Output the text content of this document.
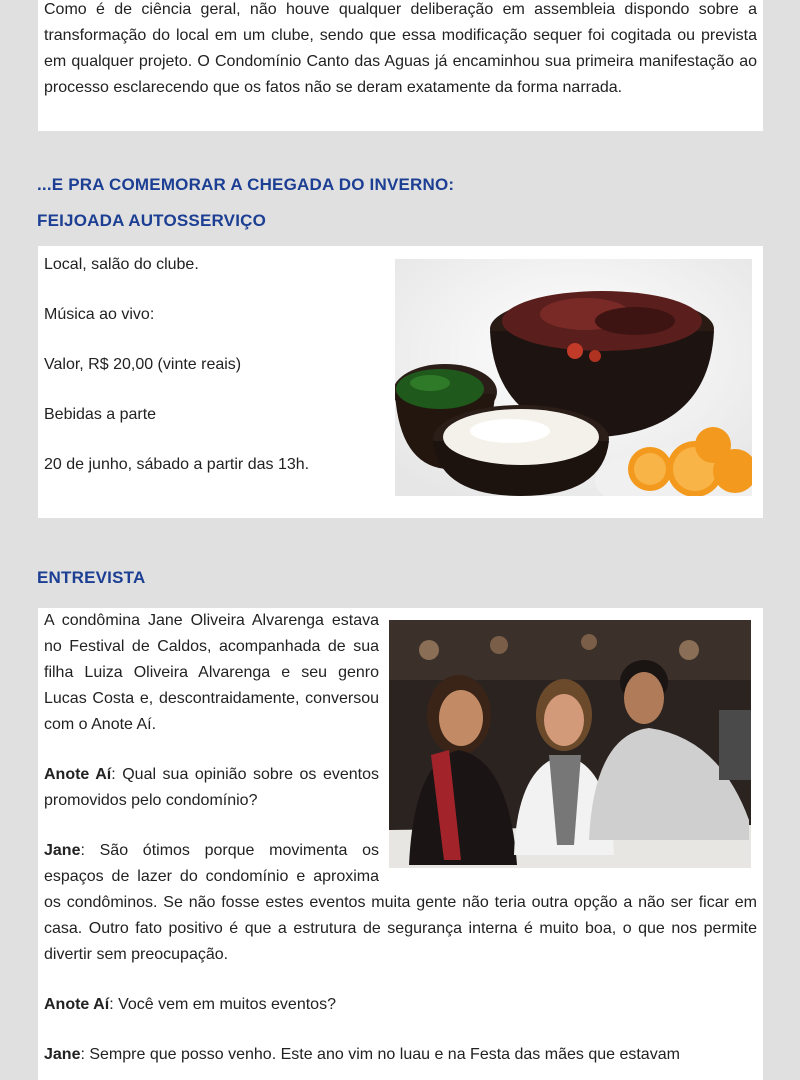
Como é de ciência geral, não houve qualquer deliberação em assembleia dispondo sobre a transformação do local em um clube, sendo que essa modificação sequer foi cogitada ou prevista em qualquer projeto. O Condomínio Canto das Aguas já encaminhou sua primeira manifestação ao processo esclarecendo que os fatos não se deram exatamente da forma narrada.

...E PRA COMEMORAR A CHEGADA DO INVERNO:
FEIJOADA AUTOSSERVIÇO

Local, salão do clube.

Música ao vivo:

Valor, R$ 20,00 (vinte reais)

Bebidas a parte

20 de junho, sábado a partir das 13h.

ENTREVISTA

A condômina Jane Oliveira Alvarenga estava no Festival de Caldos, acompanhada de sua filha Luiza Oliveira Alvarenga e seu genro Lucas Costa e, descontraidamente, conversou com o Anote Aí.

Anote Aí: Qual sua opinião sobre os eventos promovidos pelo condomínio?

Jane: São ótimos porque movimenta os espaços de lazer do condomínio e aproxima os condôminos. Se não fosse estes eventos muita gente não teria outra opção a não ser ficar em casa. Outro fato positivo é que a estrutura de segurança interna é muito boa, o que nos permite divertir sem preocupação.

Anote Aí: Você vem em muitos eventos?

Jane: Sempre que posso venho. Este ano vim no luau e na Festa das mães que estavam
